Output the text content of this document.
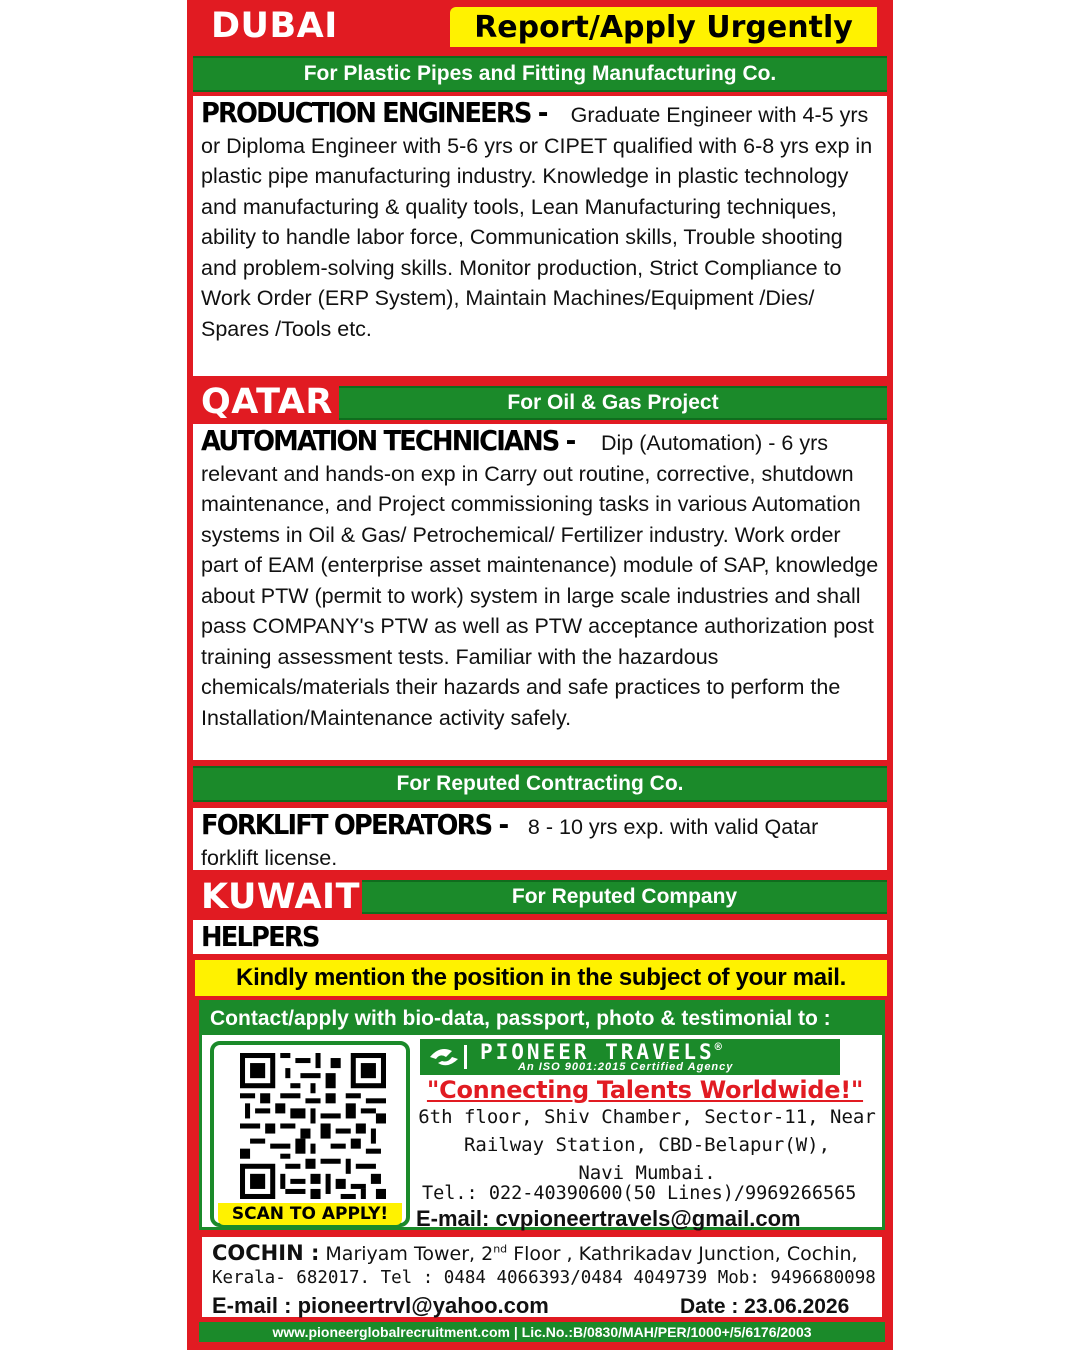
DUBAI	Report/Apply Urgently
For Plastic Pipes and Fitting Manufacturing Co.
PRODUCTION ENGINEERS - Graduate Engineer with 4-5 yrs or Diploma Engineer with 5-6 yrs or CIPET qualified with 6-8 yrs exp in plastic pipe manufacturing industry. Knowledge in plastic technology and manufacturing & quality tools, Lean Manufacturing techniques, ability to handle labor force, Communication skills, Trouble shooting and problem-solving skills. Monitor production, Strict Compliance to Work Order (ERP System), Maintain Machines/Equipment /Dies/ Spares /Tools etc.
QATAR	For Oil & Gas Project
AUTOMATION TECHNICIANS - Dip (Automation) - 6 yrs relevant and hands-on exp in Carry out routine, corrective, shutdown maintenance, and Project commissioning tasks in various Automation systems in Oil & Gas/ Petrochemical/ Fertilizer industry. Work order part of EAM (enterprise asset maintenance) module of SAP, knowledge about PTW (permit to work) system in large scale industries and shall pass COMPANY's PTW as well as PTW acceptance authorization post training assessment tests. Familiar with the hazardous chemicals/materials their hazards and safe practices to perform the Installation/Maintenance activity safely.
For Reputed Contracting Co.
FORKLIFT OPERATORS - 8 - 10 yrs exp. with valid Qatar forklift license.
KUWAIT	For Reputed Company
HELPERS
Kindly mention the position in the subject of your mail.
Contact/apply with bio-data, passport, photo & testimonial to :
SCAN TO APPLY!
PIONEER TRAVELS®
An ISO 9001:2015 Certified Agency
"Connecting Talents Worldwide!"
6th floor, Shiv Chamber, Sector-11, Near
Railway Station, CBD-Belapur(W),
Navi Mumbai.
Tel.: 022-40390600(50 Lines)/9969266565
E-mail: cvpioneertravels@gmail.com
COCHIN : Mariyam Tower, 2nd Floor , Kathrikadav Junction, Cochin,
Kerala- 682017. Tel : 0484 4066393/0484 4049739 Mob: 9496680098
E-mail : pioneertrvl@yahoo.com	Date : 23.06.2026
www.pioneerglobalrecruitment.com | Lic.No.:B/0830/MAH/PER/1000+/5/6176/2003
